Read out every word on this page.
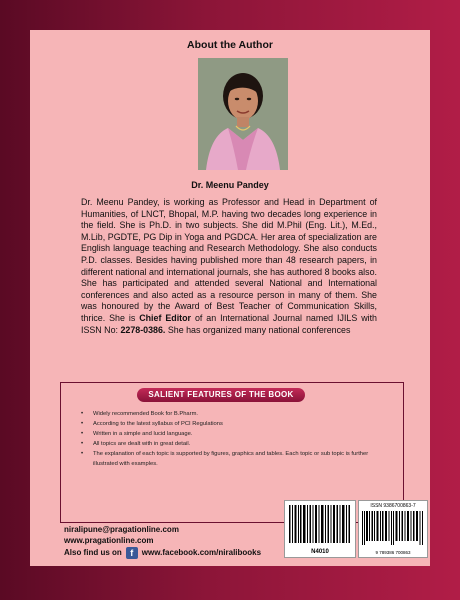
About the Author
Dr. Meenu Pandey

Dr. Meenu Pandey, is working as Professor and Head in Department of Humanities, of LNCT, Bhopal, M.P. having two decades long experience in the field. She is Ph.D. in two subjects. She did M.Phil (Eng. Lit.), M.Ed., M.Lib, PGDTE, PG Dip in Yoga and PGDCA. Her area of specialization are English language teaching and Research Methodology. She also conducts P.D. classes. Besides having published more than 48 research papers, in different national and international journals, she has authored 8 books also. She has participated and attended several National and International conferences and also acted as a resource person in many of them. She was honoured by the Award of Best Teacher of Communication Skills, thrice. She is Chief Editor of an International Journal named IJILS with ISSN No: 2278-0386. She has organized many national conferences

SALIENT FEATURES OF THE BOOK
• Widely recommended Book for B.Pharm.
• According to the latest syllabus of PCI Regulations
• Written in a simple and lucid language.
• All topics are dealt with in great detail.
• The explanation of each topic is supported by figures, graphics and tables. Each topic or sub topic is further illustrated with examples.
niralipune@pragationline.com
www.pragationline.com
Also find us on f	www.facebook.com/niralibooks	N4010
ISSN 9386700863-7
9 789386 700863
